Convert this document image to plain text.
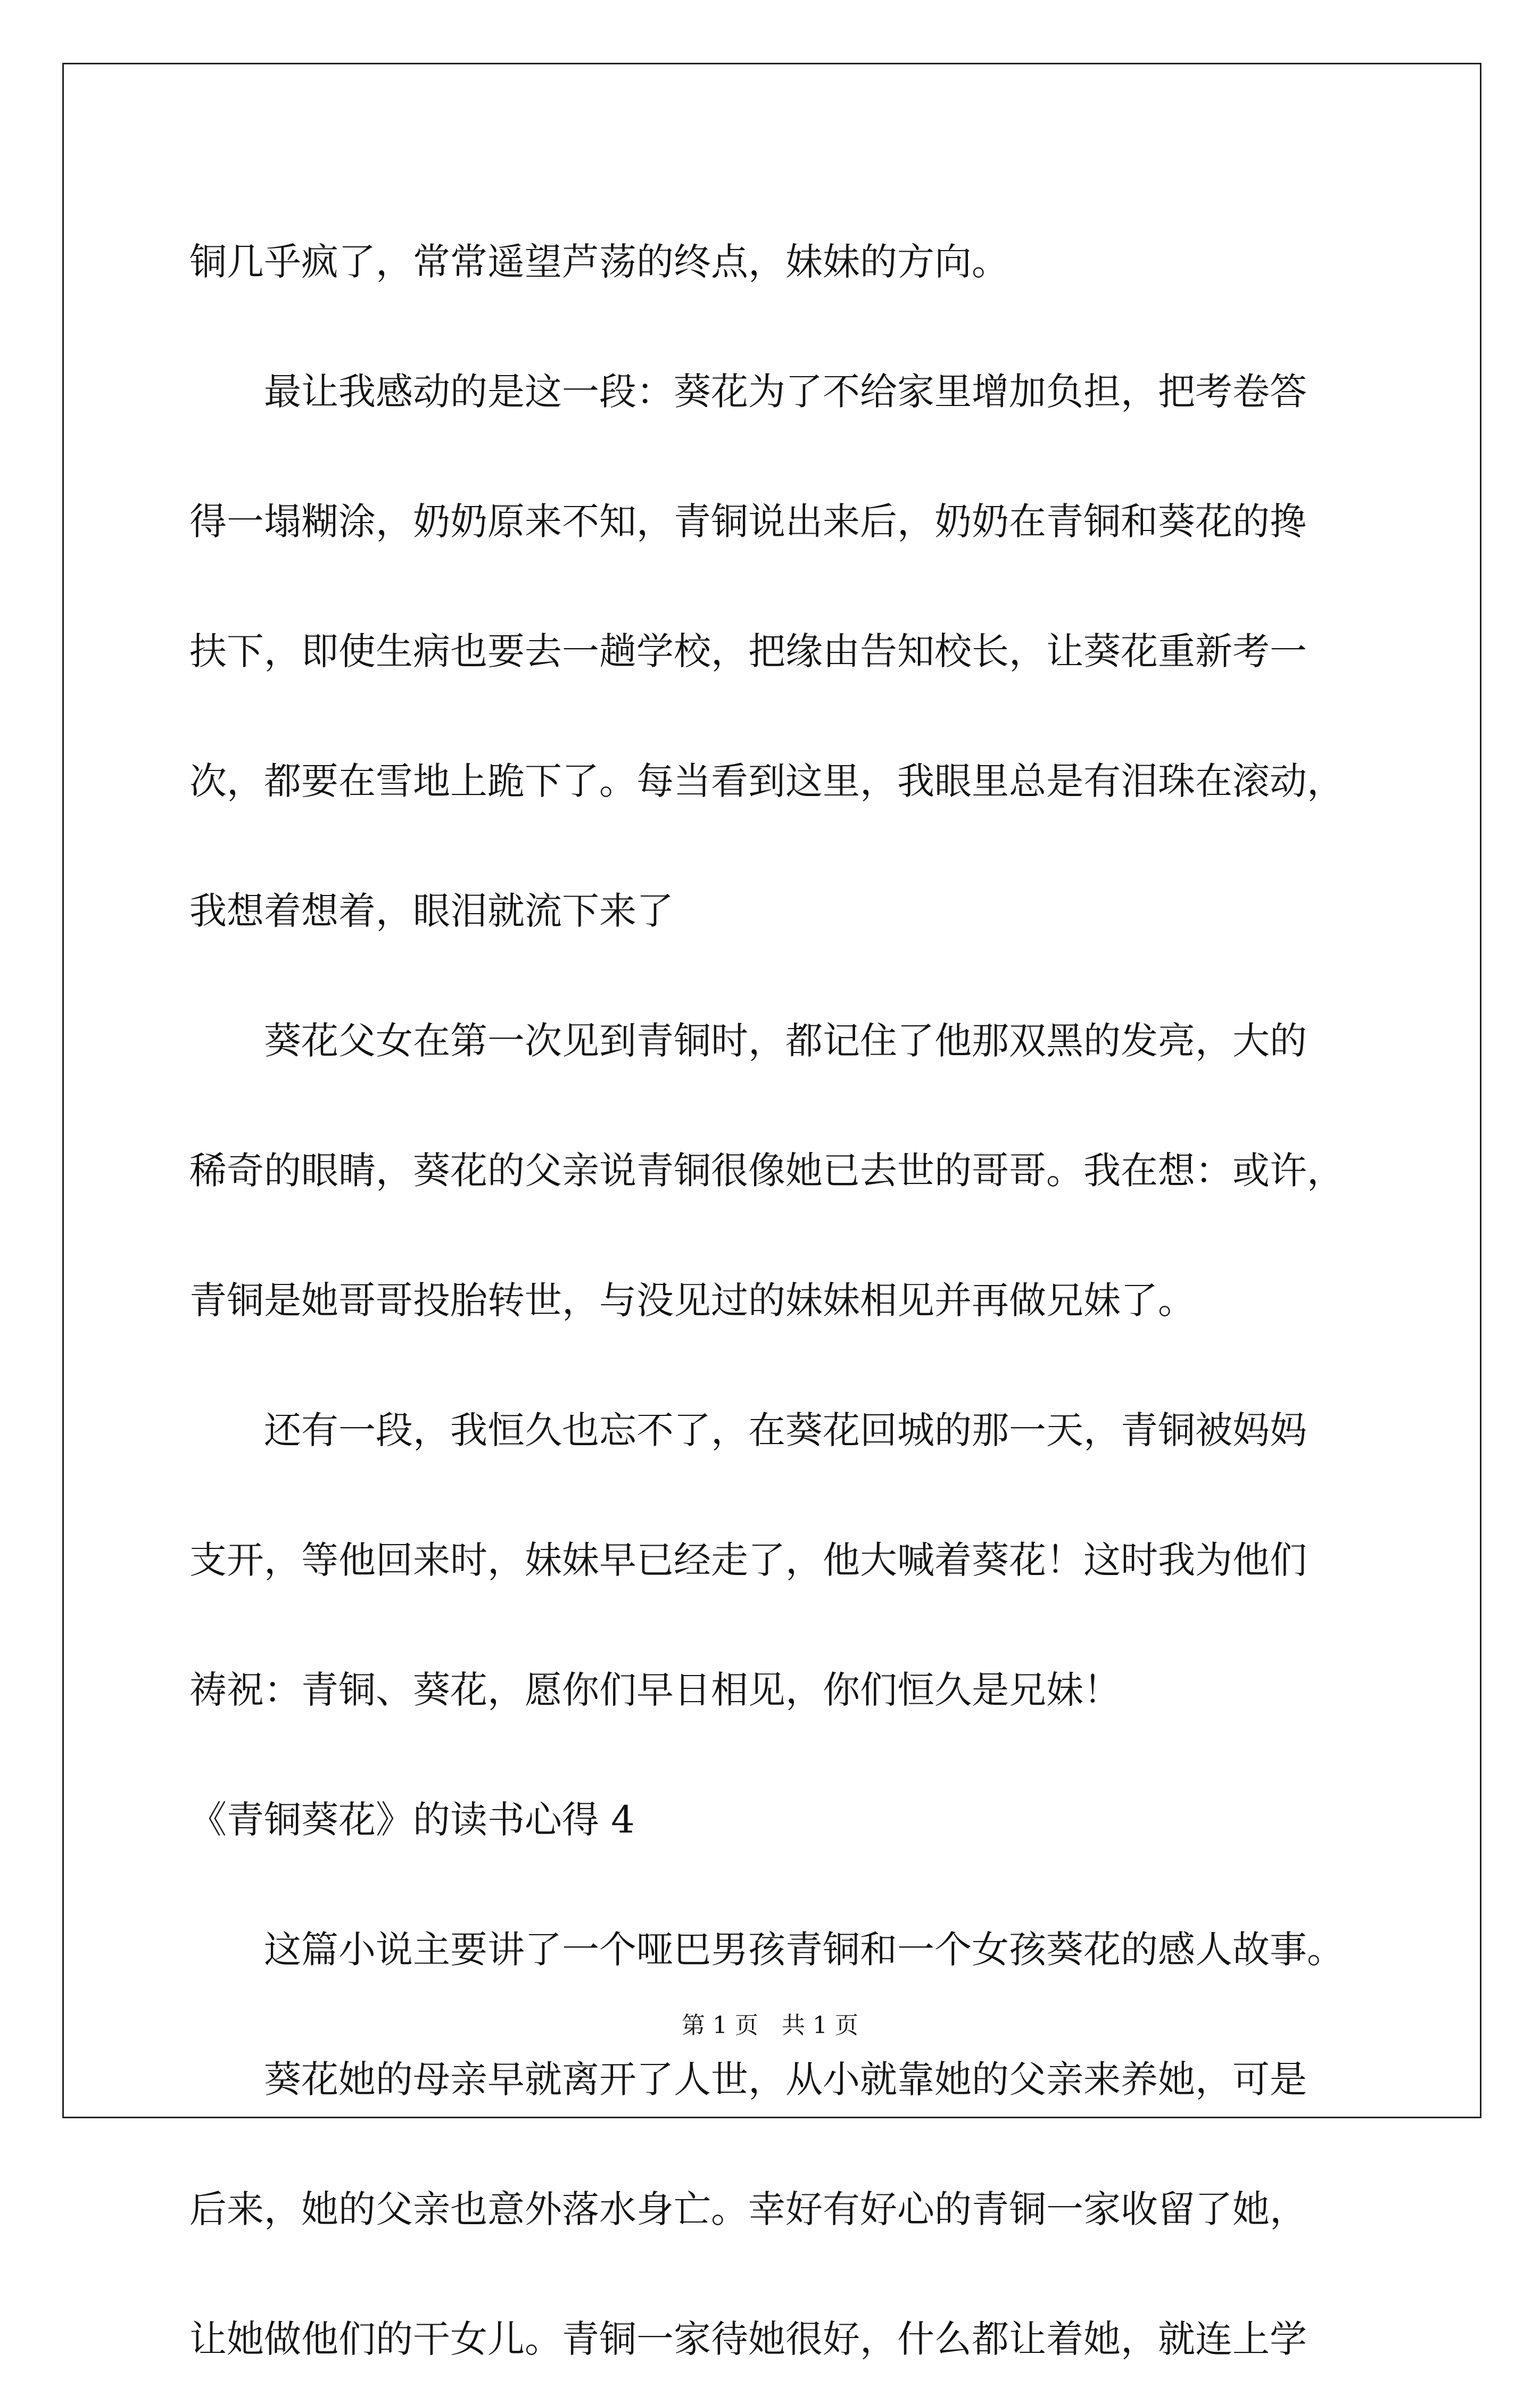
铜几乎疯了，常常遥望芦荡的终点，妹妹的方向。
最让我感动的是这一段：葵花为了不给家里增加负担，把考卷答
得一塌糊涂，奶奶原来不知，青铜说出来后，奶奶在青铜和葵花的搀
扶下，即使生病也要去一趟学校，把缘由告知校长，让葵花重新考一
次，都要在雪地上跪下了。每当看到这里，我眼里总是有泪珠在滚动，
我想着想着，眼泪就流下来了
葵花父女在第一次见到青铜时，都记住了他那双黑的发亮，大的
稀奇的眼睛，葵花的父亲说青铜很像她已去世的哥哥。我在想：或许，
青铜是她哥哥投胎转世，与没见过的妹妹相见并再做兄妹了。
还有一段，我恒久也忘不了，在葵花回城的那一天，青铜被妈妈
支开，等他回来时，妹妹早已经走了，他大喊着葵花！这时我为他们
祷祝：青铜、葵花，愿你们早日相见，你们恒久是兄妹！
《青铜葵花》的读书心得 4
这篇小说主要讲了一个哑巴男孩青铜和一个女孩葵花的感人故事。
葵花她的母亲早就离开了人世，从小就靠她的父亲来养她，可是
后来，她的父亲也意外落水身亡。幸好有好心的青铜一家收留了她，
让她做他们的干女儿。青铜一家待她很好，什么都让着她，就连上学
第 1 页　共 1 页
